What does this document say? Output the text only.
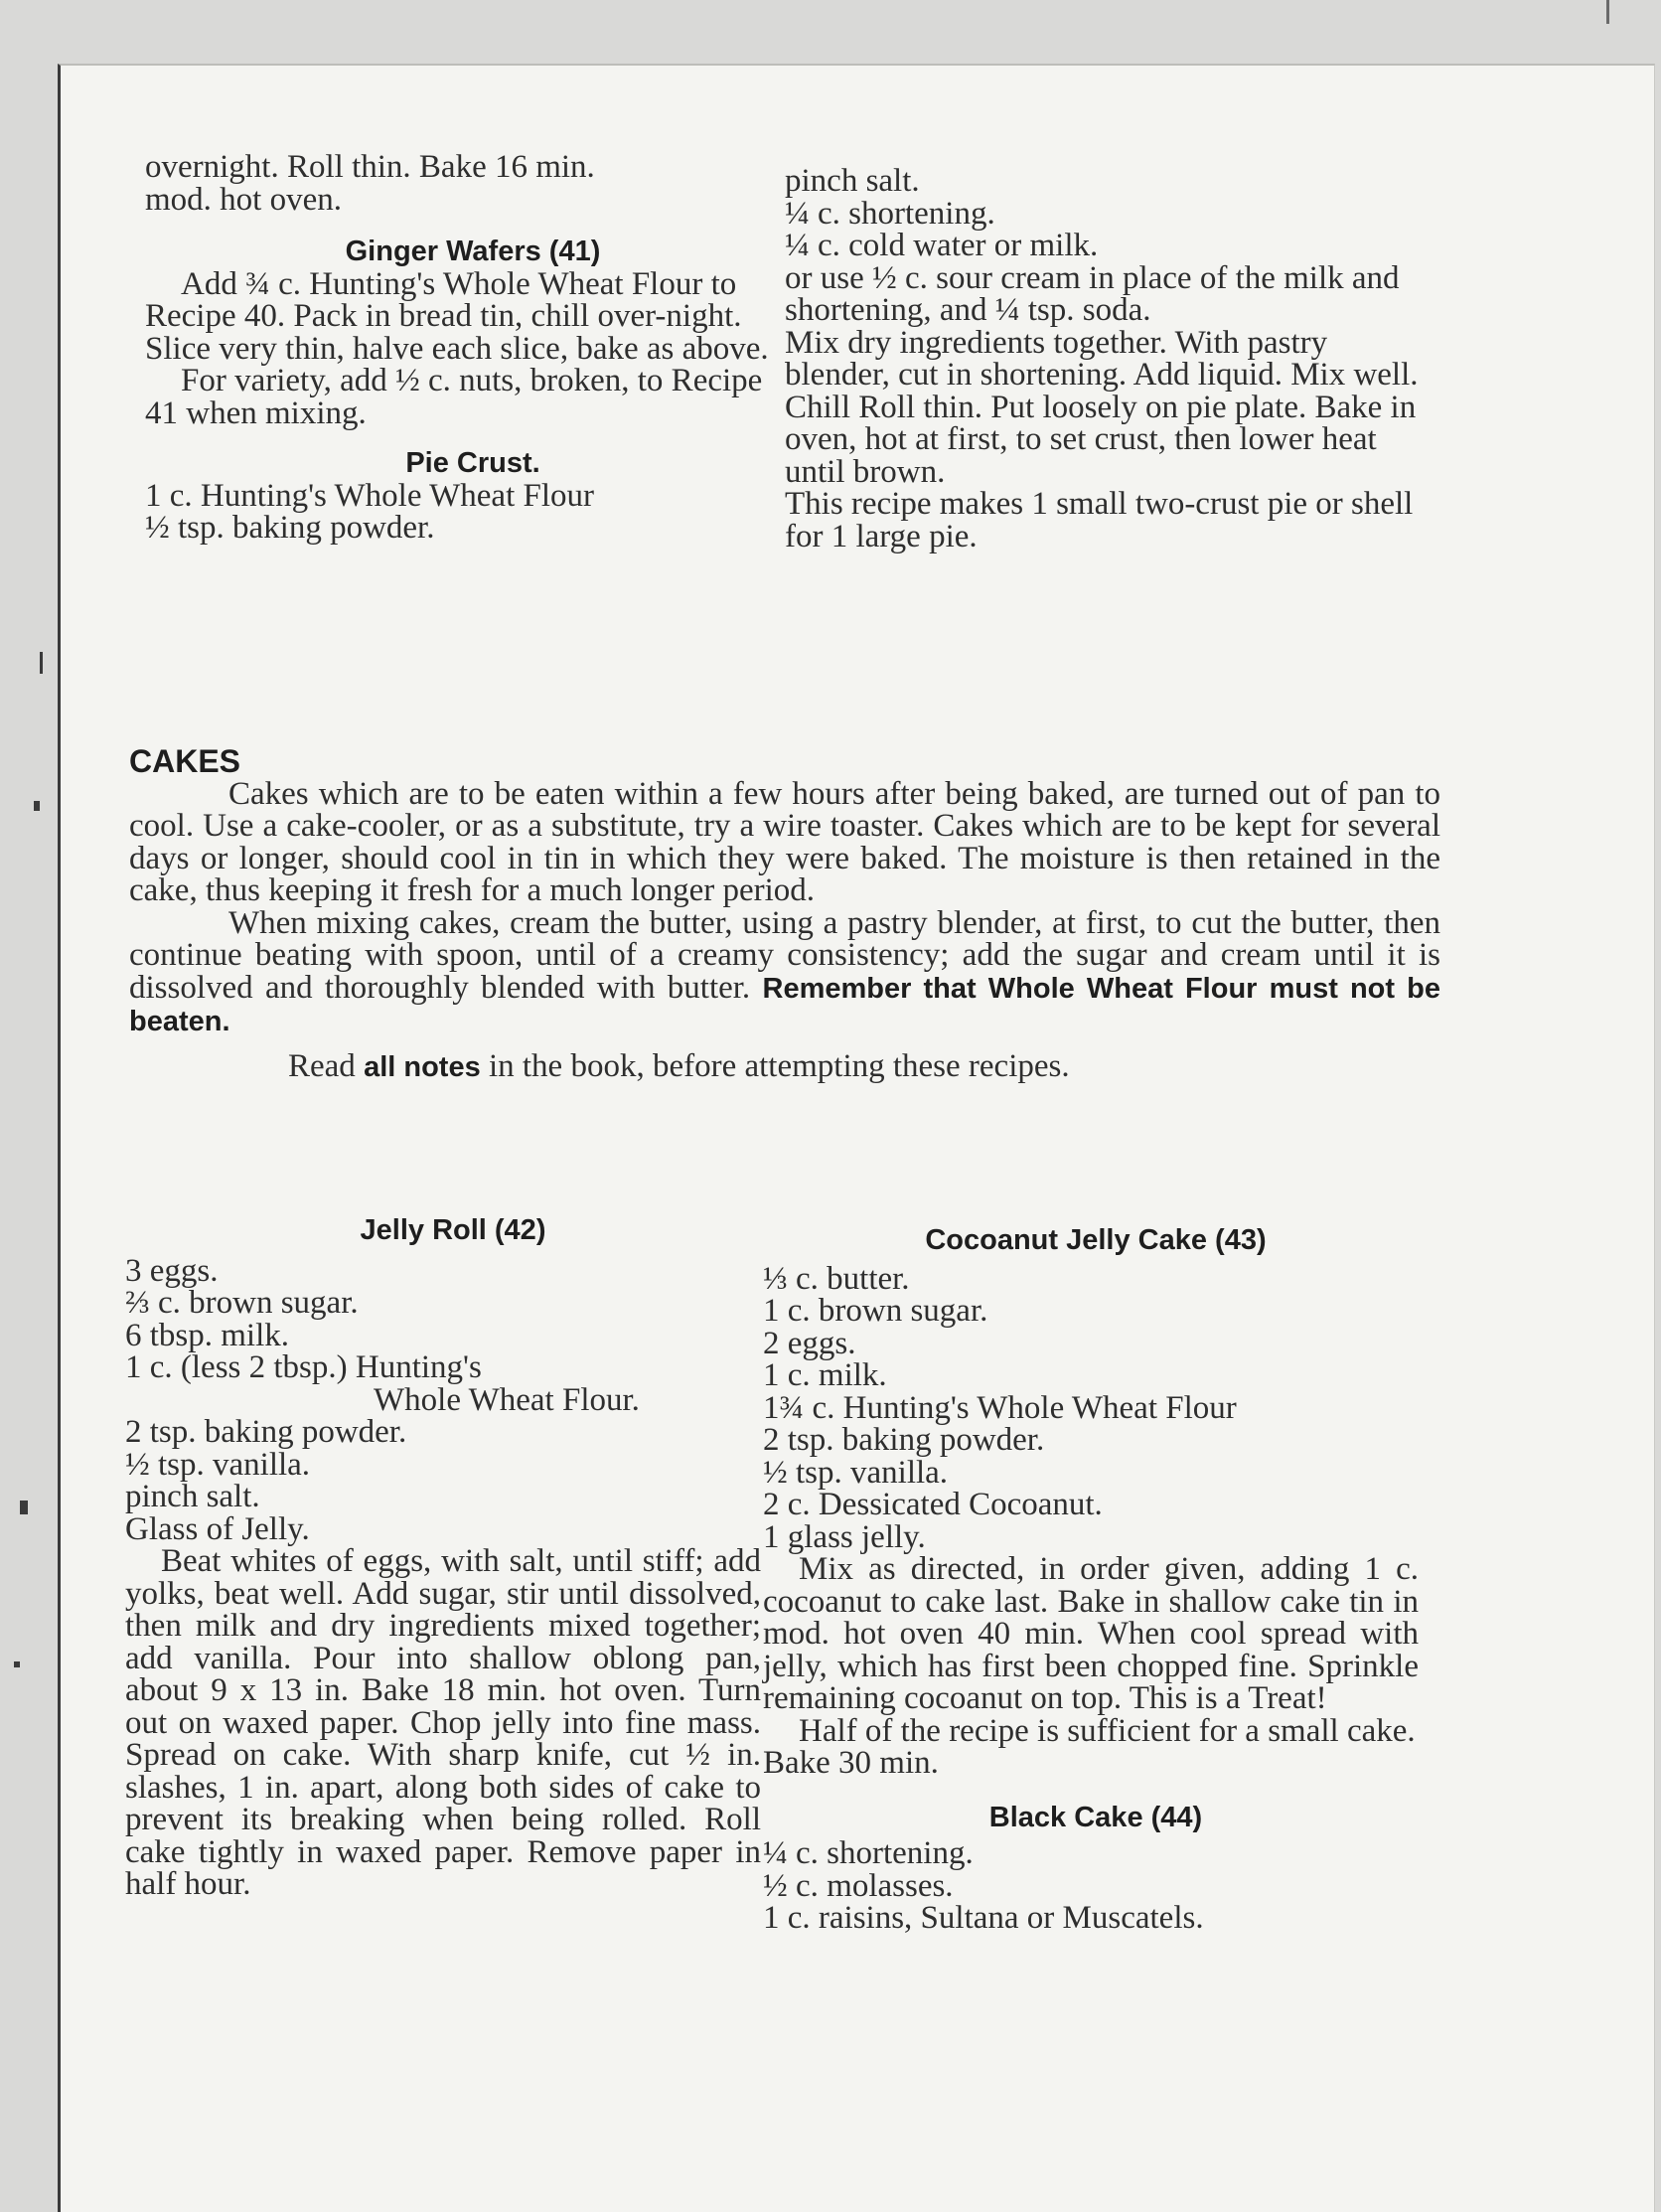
overnight. Roll thin. Bake 16 min.

mod. hot oven.

Ginger Wafers (41)

Add ¾ c. Hunting's Whole Wheat Flour to Recipe 40. Pack in bread tin, chill over-night. Slice very thin, halve each slice, bake as above.

For variety, add ½ c. nuts, broken, to Recipe 41 when mixing.

Pie Crust.

1 c. Hunting's Whole Wheat Flour

½ tsp. baking powder.

pinch salt.

¼ c. shortening.

¼ c. cold water or milk.

or use ½ c. sour cream in place of the milk and shortening, and ¼ tsp. soda.

Mix dry ingredients together. With pastry blender, cut in shortening. Add liquid. Mix well. Chill Roll thin. Put loosely on pie plate. Bake in oven, hot at first, to set crust, then lower heat until brown.

This recipe makes 1 small two-crust pie or shell for 1 large pie.

CAKES

Cakes which are to be eaten within a few hours after being baked, are turned out of pan to cool. Use a cake-cooler, or as a substitute, try a wire toaster. Cakes which are to be kept for several days or longer, should cool in tin in which they were baked. The moisture is then retained in the cake, thus keeping it fresh for a much longer period.

When mixing cakes, cream the butter, using a pastry blender, at first, to cut the butter, then continue beating with spoon, until of a creamy consistency; add the sugar and cream until it is dissolved and thoroughly blended with butter. Remember that Whole Wheat Flour must not be beaten.

Read all notes in the book, before attempting these recipes.

Jelly Roll (42)

3 eggs.

⅔ c. brown sugar.

6 tbsp. milk.

1 c. (less 2 tbsp.) Hunting's

Whole Wheat Flour.

2 tsp. baking powder.

½ tsp. vanilla.

pinch salt.

Glass of Jelly.

Beat whites of eggs, with salt, until stiff; add yolks, beat well. Add sugar, stir until dissolved, then milk and dry ingredients mixed together; add vanilla. Pour into shallow oblong pan, about 9 x 13 in. Bake 18 min. hot oven. Turn out on waxed paper. Chop jelly into fine mass. Spread on cake. With sharp knife, cut ½ in. slashes, 1 in. apart, along both sides of cake to prevent its breaking when being rolled. Roll cake tightly in waxed paper. Remove paper in half hour.

Cocoanut Jelly Cake (43)

⅓ c. butter.

1 c. brown sugar.

2 eggs.

1 c. milk.

1¾ c. Hunting's Whole Wheat Flour

2 tsp. baking powder.

½ tsp. vanilla.

2 c. Dessicated Cocoanut.

1 glass jelly.

Mix as directed, in order given, adding 1 c. cocoanut to cake last. Bake in shallow cake tin in mod. hot oven 40 min. When cool spread with jelly, which has first been chopped fine. Sprinkle remaining cocoanut on top. This is a Treat!

Half of the recipe is sufficient for a small cake. Bake 30 min.

Black Cake (44)

¼ c. shortening.

½ c. molasses.

1 c. raisins, Sultana or Muscatels.
